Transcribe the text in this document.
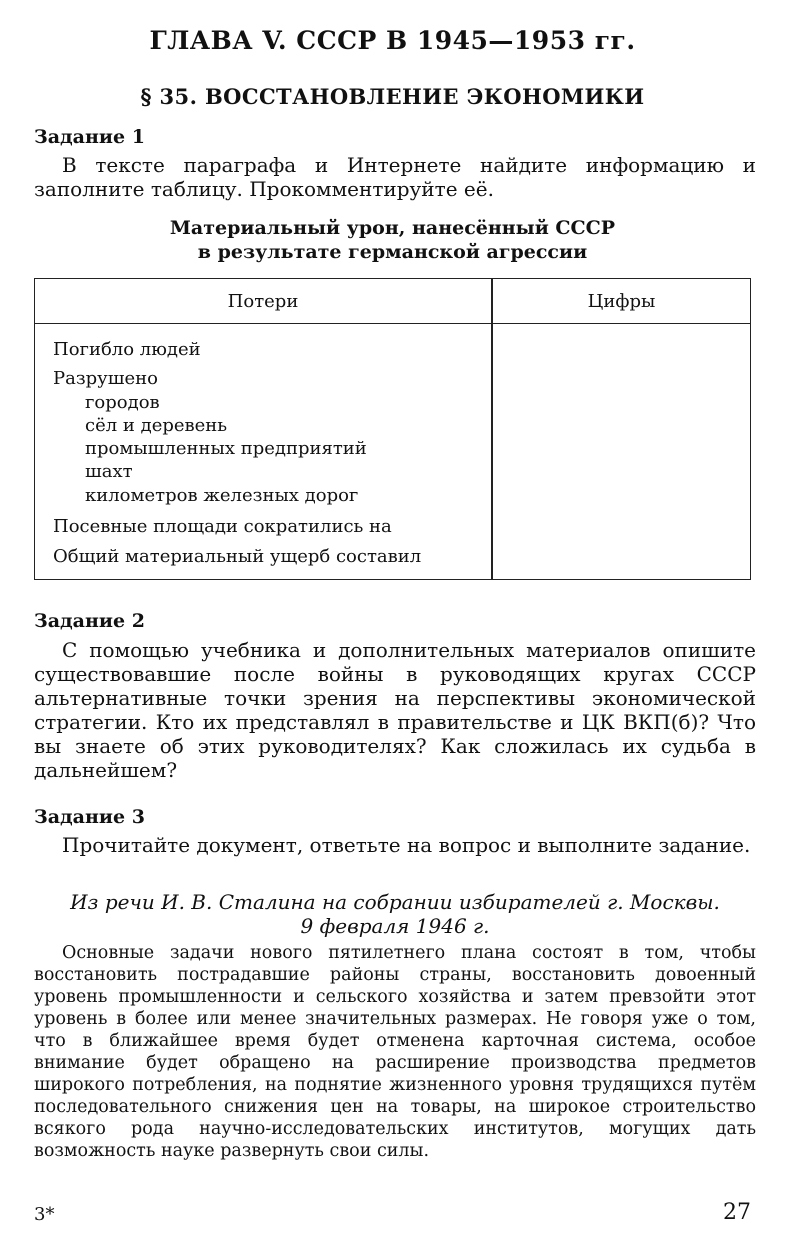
ГЛАВА V. СССР В 1945—1953 гг.
§ 35. ВОССТАНОВЛЕНИЕ ЭКОНОМИКИ

Задание 1

В тексте параграфа и Интернете найдите информацию и заполните таблицу. Прокомментируйте её.

Материальный урон, нанесённый СССР
в результате германской агрессии
Потери	Цифры
Погибло людей
Разрушено
городов
сёл и деревень
промышленных предприятий
шахт
километров железных дорог
Посевные площади сократились на
Общий материальный ущерб составил

Задание 2

С помощью учебника и дополнительных материалов опишите существовавшие после войны в руководящих кругах СССР альтернативные точки зрения на перспективы экономической стратегии. Кто их представлял в правительстве и ЦК ВКП(б)? Что вы знаете об этих руководителях? Как сложилась их судьба в дальнейшем?

Задание 3

Прочитайте документ, ответьте на вопрос и выполните задание.

Из речи И. В. Сталина на собрании избирателей г. Москвы.
9 февраля 1946 г.

Основные задачи нового пятилетнего плана состоят в том, чтобы восстановить пострадавшие районы страны, восстановить довоенный уровень промышленности и сельского хозяйства и затем превзойти этот уровень в более или менее значительных размерах. Не говоря уже о том, что в ближайшее время будет отменена карточная система, особое внимание будет обращено на расширение производства предметов широкого потребления, на поднятие жизненного уровня трудящихся путём последовательного снижения цен на товары, на широкое строительство всякого рода научно-исследовательских институтов, могущих дать возможность науке развернуть свои силы.

3*	27
